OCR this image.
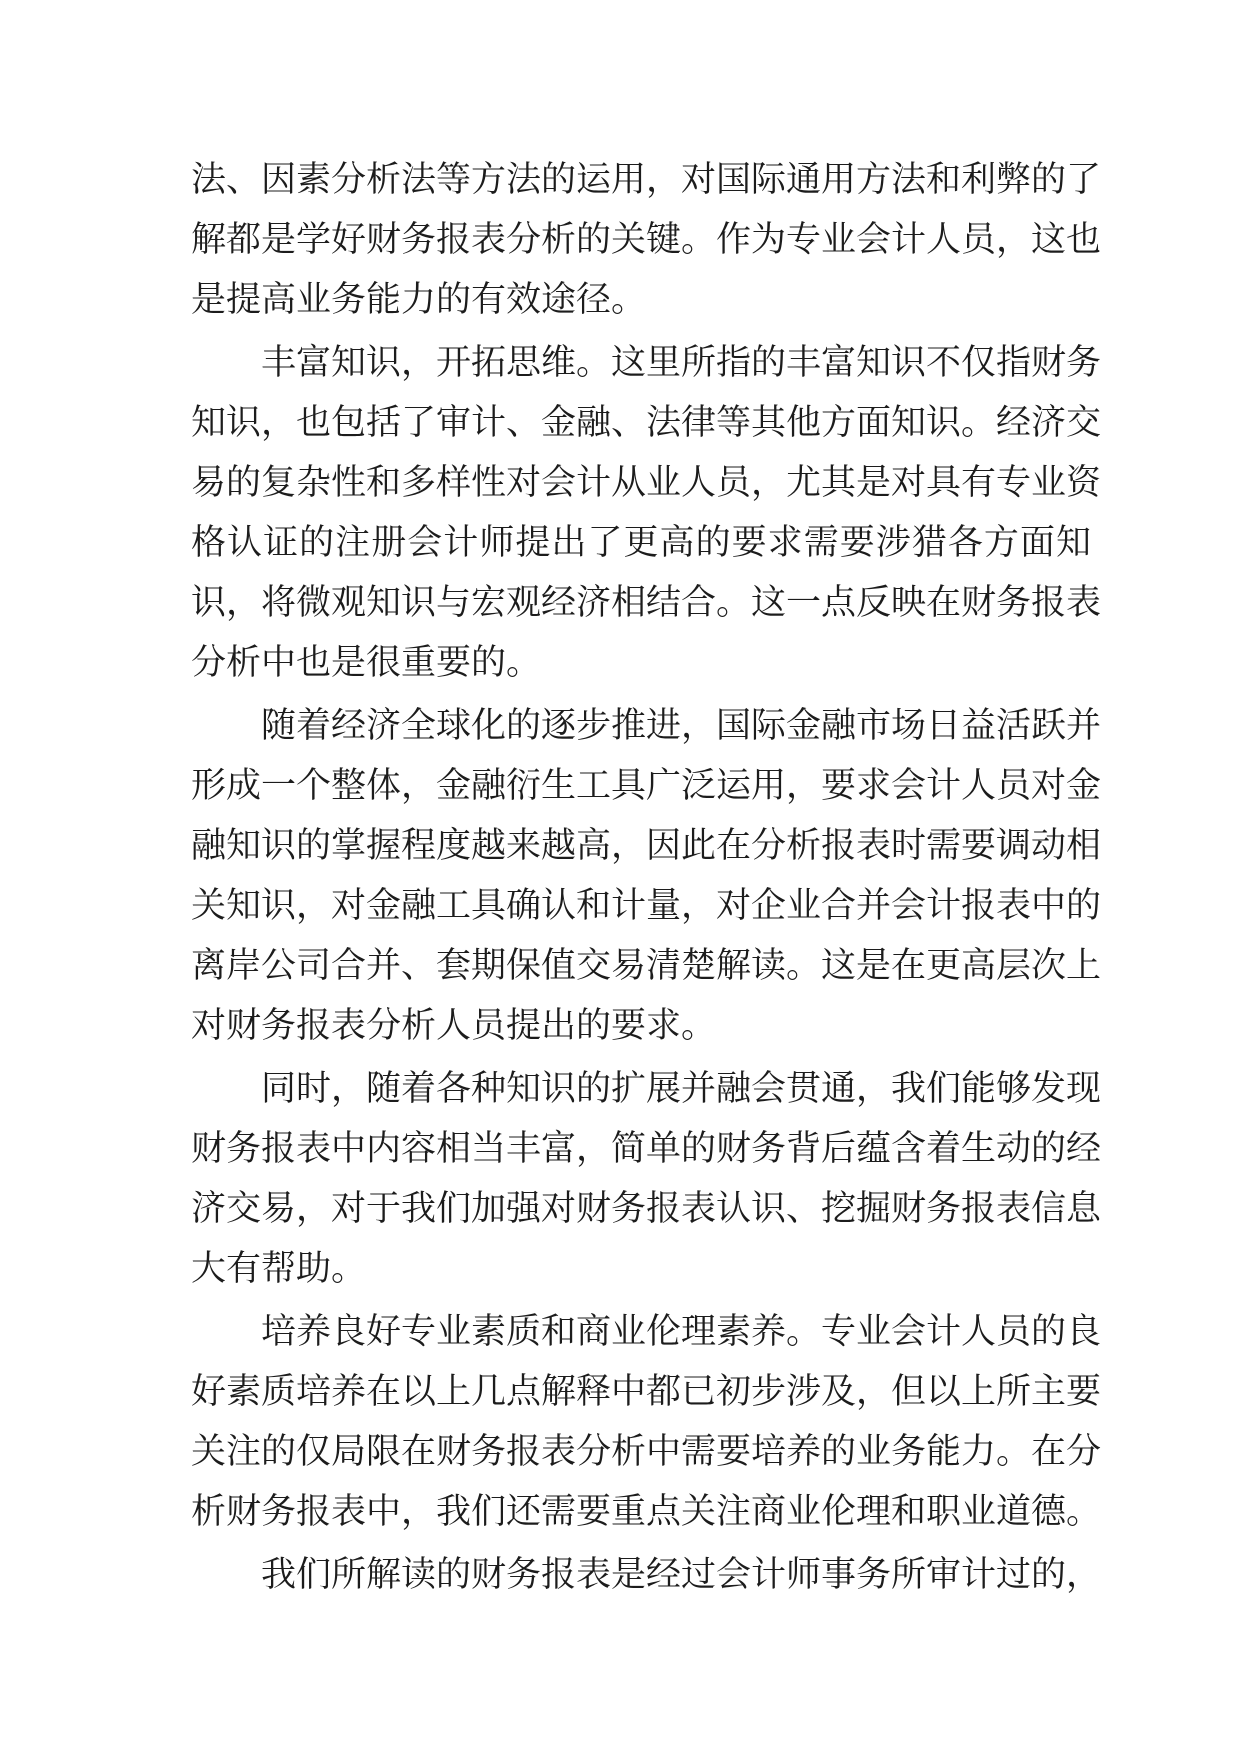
法、因素分析法等方法的运用，对国际通用方法和利弊的了
解都是学好财务报表分析的关键。作为专业会计人员，这也
是提高业务能力的有效途径。
丰富知识，开拓思维。这里所指的丰富知识不仅指财务
知识，也包括了审计、金融、法律等其他方面知识。经济交
易的复杂性和多样性对会计从业人员，尤其是对具有专业资
格认证的注册会计师提出了更高的要求需要涉猎各方面知
识，将微观知识与宏观经济相结合。这一点反映在财务报表
分析中也是很重要的。
随着经济全球化的逐步推进，国际金融市场日益活跃并
形成一个整体，金融衍生工具广泛运用，要求会计人员对金
融知识的掌握程度越来越高，因此在分析报表时需要调动相
关知识，对金融工具确认和计量，对企业合并会计报表中的
离岸公司合并、套期保值交易清楚解读。这是在更高层次上
对财务报表分析人员提出的要求。
同时，随着各种知识的扩展并融会贯通，我们能够发现
财务报表中内容相当丰富，简单的财务背后蕴含着生动的经
济交易，对于我们加强对财务报表认识、挖掘财务报表信息
大有帮助。
培养良好专业素质和商业伦理素养。专业会计人员的良
好素质培养在以上几点解释中都已初步涉及，但以上所主要
关注的仅局限在财务报表分析中需要培养的业务能力。在分
析财务报表中，我们还需要重点关注商业伦理和职业道德。
我们所解读的财务报表是经过会计师事务所审计过的，
